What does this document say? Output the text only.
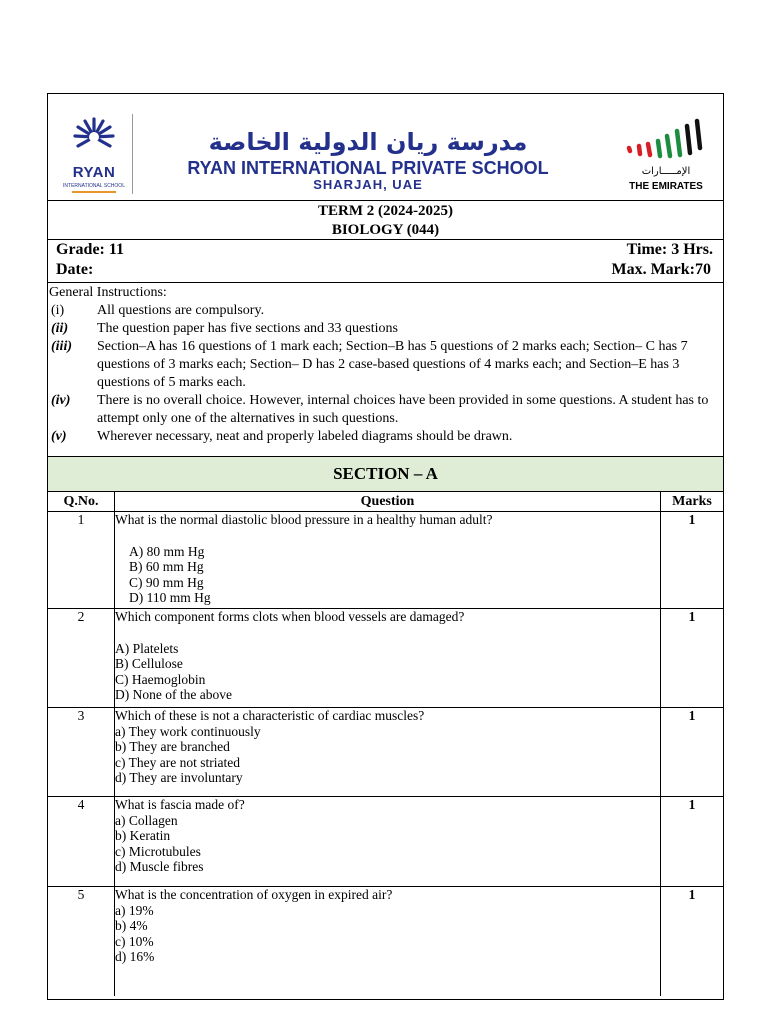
RYAN
INTERNATIONAL SCHOOL
مدرسة ريان الدولية الخاصة
RYAN INTERNATIONAL PRIVATE SCHOOL
SHARJAH, UAE
الإمـــــارات
THE EMIRATES
TERM 2 (2024-2025)
BIOLOGY (044)
Grade: 11
Date:
Time: 3 Hrs.
Max. Mark:70
General Instructions:
(i)	All questions are compulsory.
(ii)	The question paper has five sections and 33 questions
(iii)	Section–A has 16 questions of 1 mark each; Section–B has 5 questions of 2 marks each; Section– C has 7 questions of 3 marks each; Section– D has 2 case-based questions of 4 marks each; and Section–E has 3 questions of 5 marks each.
(iv)	There is no overall choice. However, internal choices have been provided in some questions. A student has to attempt only one of the alternatives in such questions.
(v)	Wherever necessary, neat and properly labeled diagrams should be drawn.
SECTION – A
Q.No.	Question	Marks
1	What is the normal diastolic blood pressure in a healthy human adult?
A) 80 mm Hg
B) 60 mm Hg
C) 90 mm Hg
D) 110 mm Hg	1
2	Which component forms clots when blood vessels are damaged?
A) Platelets
B) Cellulose
C) Haemoglobin
D) None of the above	1
3	Which of these is not a characteristic of cardiac muscles?
a) They work continuously
b) They are branched
c) They are not striated
d) They are involuntary	1
4	What is fascia made of?
a) Collagen
b) Keratin
c) Microtubules
d) Muscle fibres	1
5	What is the concentration of oxygen in expired air?
a) 19%
b) 4%
c) 10%
d) 16%	1
